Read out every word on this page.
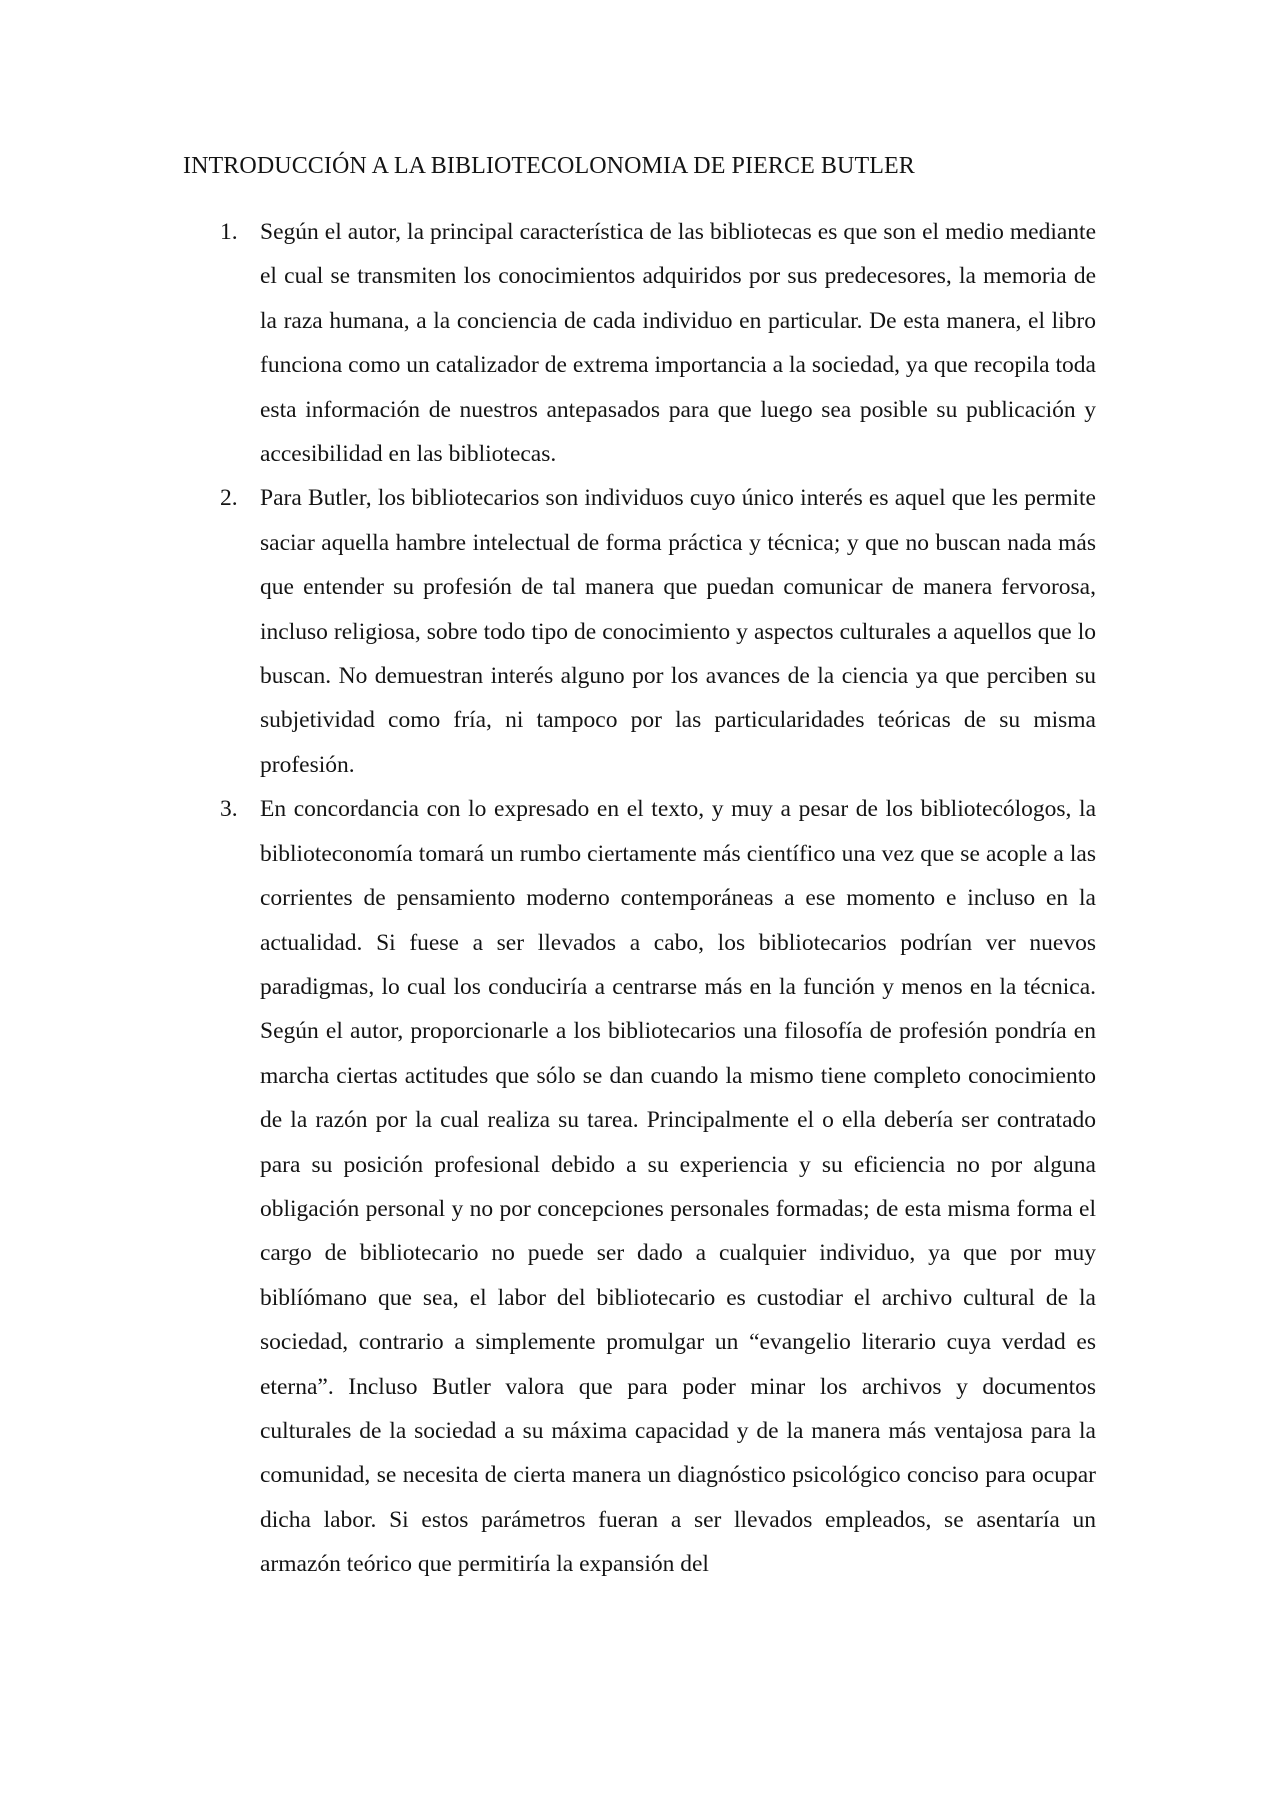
INTRODUCCIÓN A LA BIBLIOTECOLONOMIA DE PIERCE BUTLER
1. Según el autor, la principal característica de las bibliotecas es que son el medio mediante el cual se transmiten los conocimientos adquiridos por sus predecesores, la memoria de la raza humana, a la conciencia de cada individuo en particular. De esta manera, el libro funciona como un catalizador de extrema importancia a la sociedad, ya que recopila toda esta información de nuestros antepasados para que luego sea posible su publicación y accesibilidad en las bibliotecas.
2. Para Butler, los bibliotecarios son individuos cuyo único interés es aquel que les permite saciar aquella hambre intelectual de forma práctica y técnica; y que no buscan nada más que entender su profesión de tal manera que puedan comunicar de manera fervorosa, incluso religiosa, sobre todo tipo de conocimiento y aspectos culturales a aquellos que lo buscan. No demuestran interés alguno por los avances de la ciencia ya que perciben su subjetividad como fría, ni tampoco por las particularidades teóricas de su misma profesión.
3. En concordancia con lo expresado en el texto, y muy a pesar de los bibliotecólogos, la biblioteconomía tomará un rumbo ciertamente más científico una vez que se acople a las corrientes de pensamiento moderno contemporáneas a ese momento e incluso en la actualidad. Si fuese a ser llevados a cabo, los bibliotecarios podrían ver nuevos paradigmas, lo cual los conduciría a centrarse más en la función y menos en la técnica. Según el autor, proporcionarle a los bibliotecarios una filosofía de profesión pondría en marcha ciertas actitudes que sólo se dan cuando la mismo tiene completo conocimiento de la razón por la cual realiza su tarea. Principalmente el o ella debería ser contratado para su posición profesional debido a su experiencia y su eficiencia no por alguna obligación personal y no por concepciones personales formadas; de esta misma forma el cargo de bibliotecario no puede ser dado a cualquier individuo, ya que por muy biblíómano que sea, el labor del bibliotecario es custodiar el archivo cultural de la sociedad, contrario a simplemente promulgar un “evangelio literario cuya verdad es eterna”. Incluso Butler valora que para poder minar los archivos y documentos culturales de la sociedad a su máxima capacidad y de la manera más ventajosa para la comunidad, se necesita de cierta manera un diagnóstico psicológico conciso para ocupar dicha labor. Si estos parámetros fueran a ser llevados empleados, se asentaría un armazón teórico que permitiría la expansión del
